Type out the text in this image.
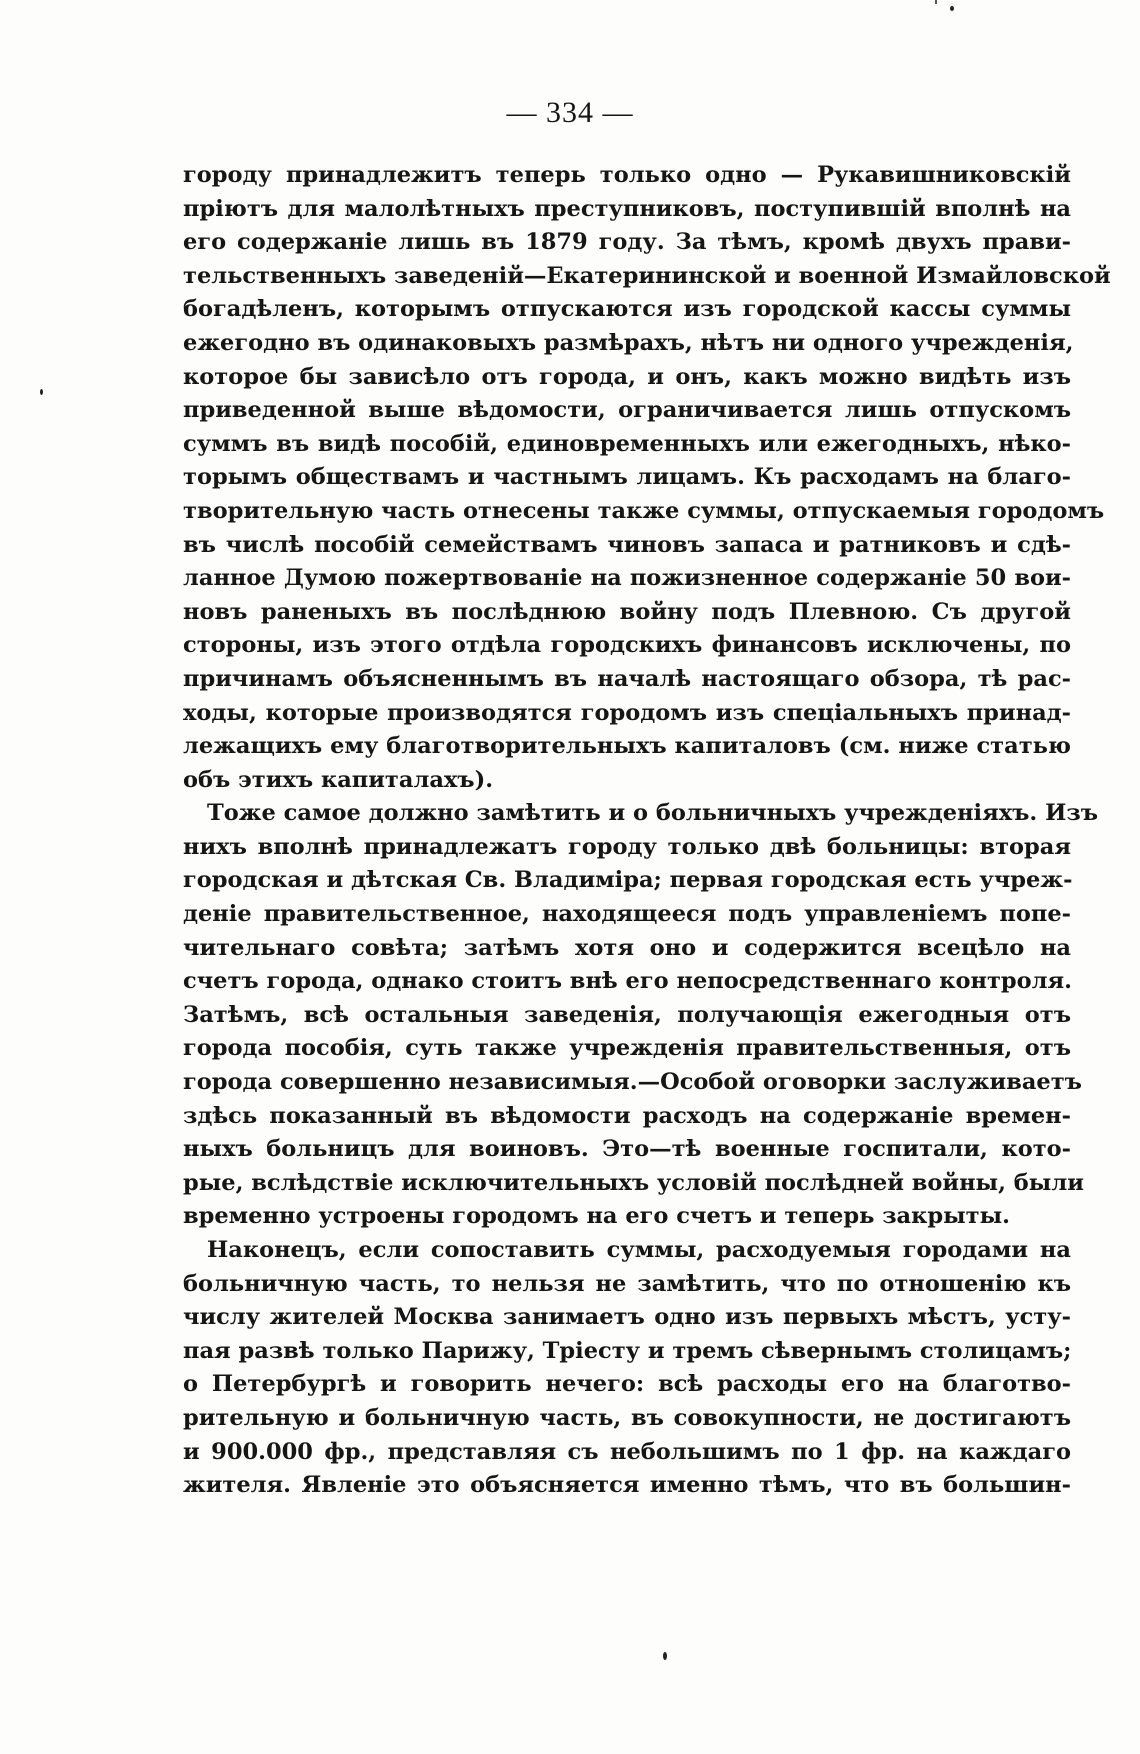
— 334 —
городу принадлежитъ теперь только одно — Рукавишниковскій
пріютъ для малолѣтныхъ преступниковъ, поступившій вполнѣ на
его содержаніе лишь въ 1879 году. За тѣмъ, кромѣ двухъ прави-
тельственныхъ заведеній—Екатерининской и военной Измайловской
богадѣленъ, которымъ отпускаются изъ городской кассы суммы
ежегодно въ одинаковыхъ размѣрахъ, нѣтъ ни одного учрежденія,
которое бы зависѣло отъ города, и онъ, какъ можно видѣть изъ
приведенной выше вѣдомости, ограничивается лишь отпускомъ
суммъ въ видѣ пособій, единовременныхъ или ежегодныхъ, нѣко-
торымъ обществамъ и частнымъ лицамъ. Къ расходамъ на благо-
творительную часть отнесены также суммы, отпускаемыя городомъ
въ числѣ пособій семействамъ чиновъ запаса и ратниковъ и сдѣ-
ланное Думою пожертвованіе на пожизненное содержаніе 50 вои-
новъ раненыхъ въ послѣднюю войну подъ Плевною. Съ другой
стороны, изъ этого отдѣла городскихъ финансовъ исключены, по
причинамъ объясненнымъ въ началѣ настоящаго обзора, тѣ рас-
ходы, которые производятся городомъ изъ спеціальныхъ принад-
лежащихъ ему благотворительныхъ капиталовъ (см. ниже статью
объ этихъ капиталахъ).
Тоже самое должно замѣтить и о больничныхъ учрежденіяхъ. Изъ
нихъ вполнѣ принадлежатъ городу только двѣ больницы: вторая
городская и дѣтская Св. Владиміра; первая городская есть учреж-
деніе правительственное, находящееся подъ управленіемъ попе-
чительнаго совѣта; затѣмъ хотя оно и содержится всецѣло на
счетъ города, однако стоитъ внѣ его непосредственнаго контроля.
Затѣмъ, всѣ остальныя заведенія, получающія ежегодныя отъ
города пособія, суть также учрежденія правительственныя, отъ
города совершенно независимыя.—Особой оговорки заслуживаетъ
здѣсь показанный въ вѣдомости расходъ на содержаніе времен-
ныхъ больницъ для воиновъ. Это—тѣ военные госпитали, кото-
рые, вслѣдствіе исключительныхъ условій послѣдней войны, были
временно устроены городомъ на его счетъ и теперь закрыты.
Наконецъ, если сопоставить суммы, расходуемыя городами на
больничную часть, то нельзя не замѣтить, что по отношенію къ
числу жителей Москва занимаетъ одно изъ первыхъ мѣстъ, усту-
пая развѣ только Парижу, Тріесту и тремъ сѣвернымъ столицамъ;
о Петербургѣ и говорить нечего: всѣ расходы его на благотво-
рительную и больничную часть, въ совокупности, не достигаютъ
и 900.000 фр., представляя съ небольшимъ по 1 фр. на каждаго
жителя. Явленіе это объясняется именно тѣмъ, что въ большин-
